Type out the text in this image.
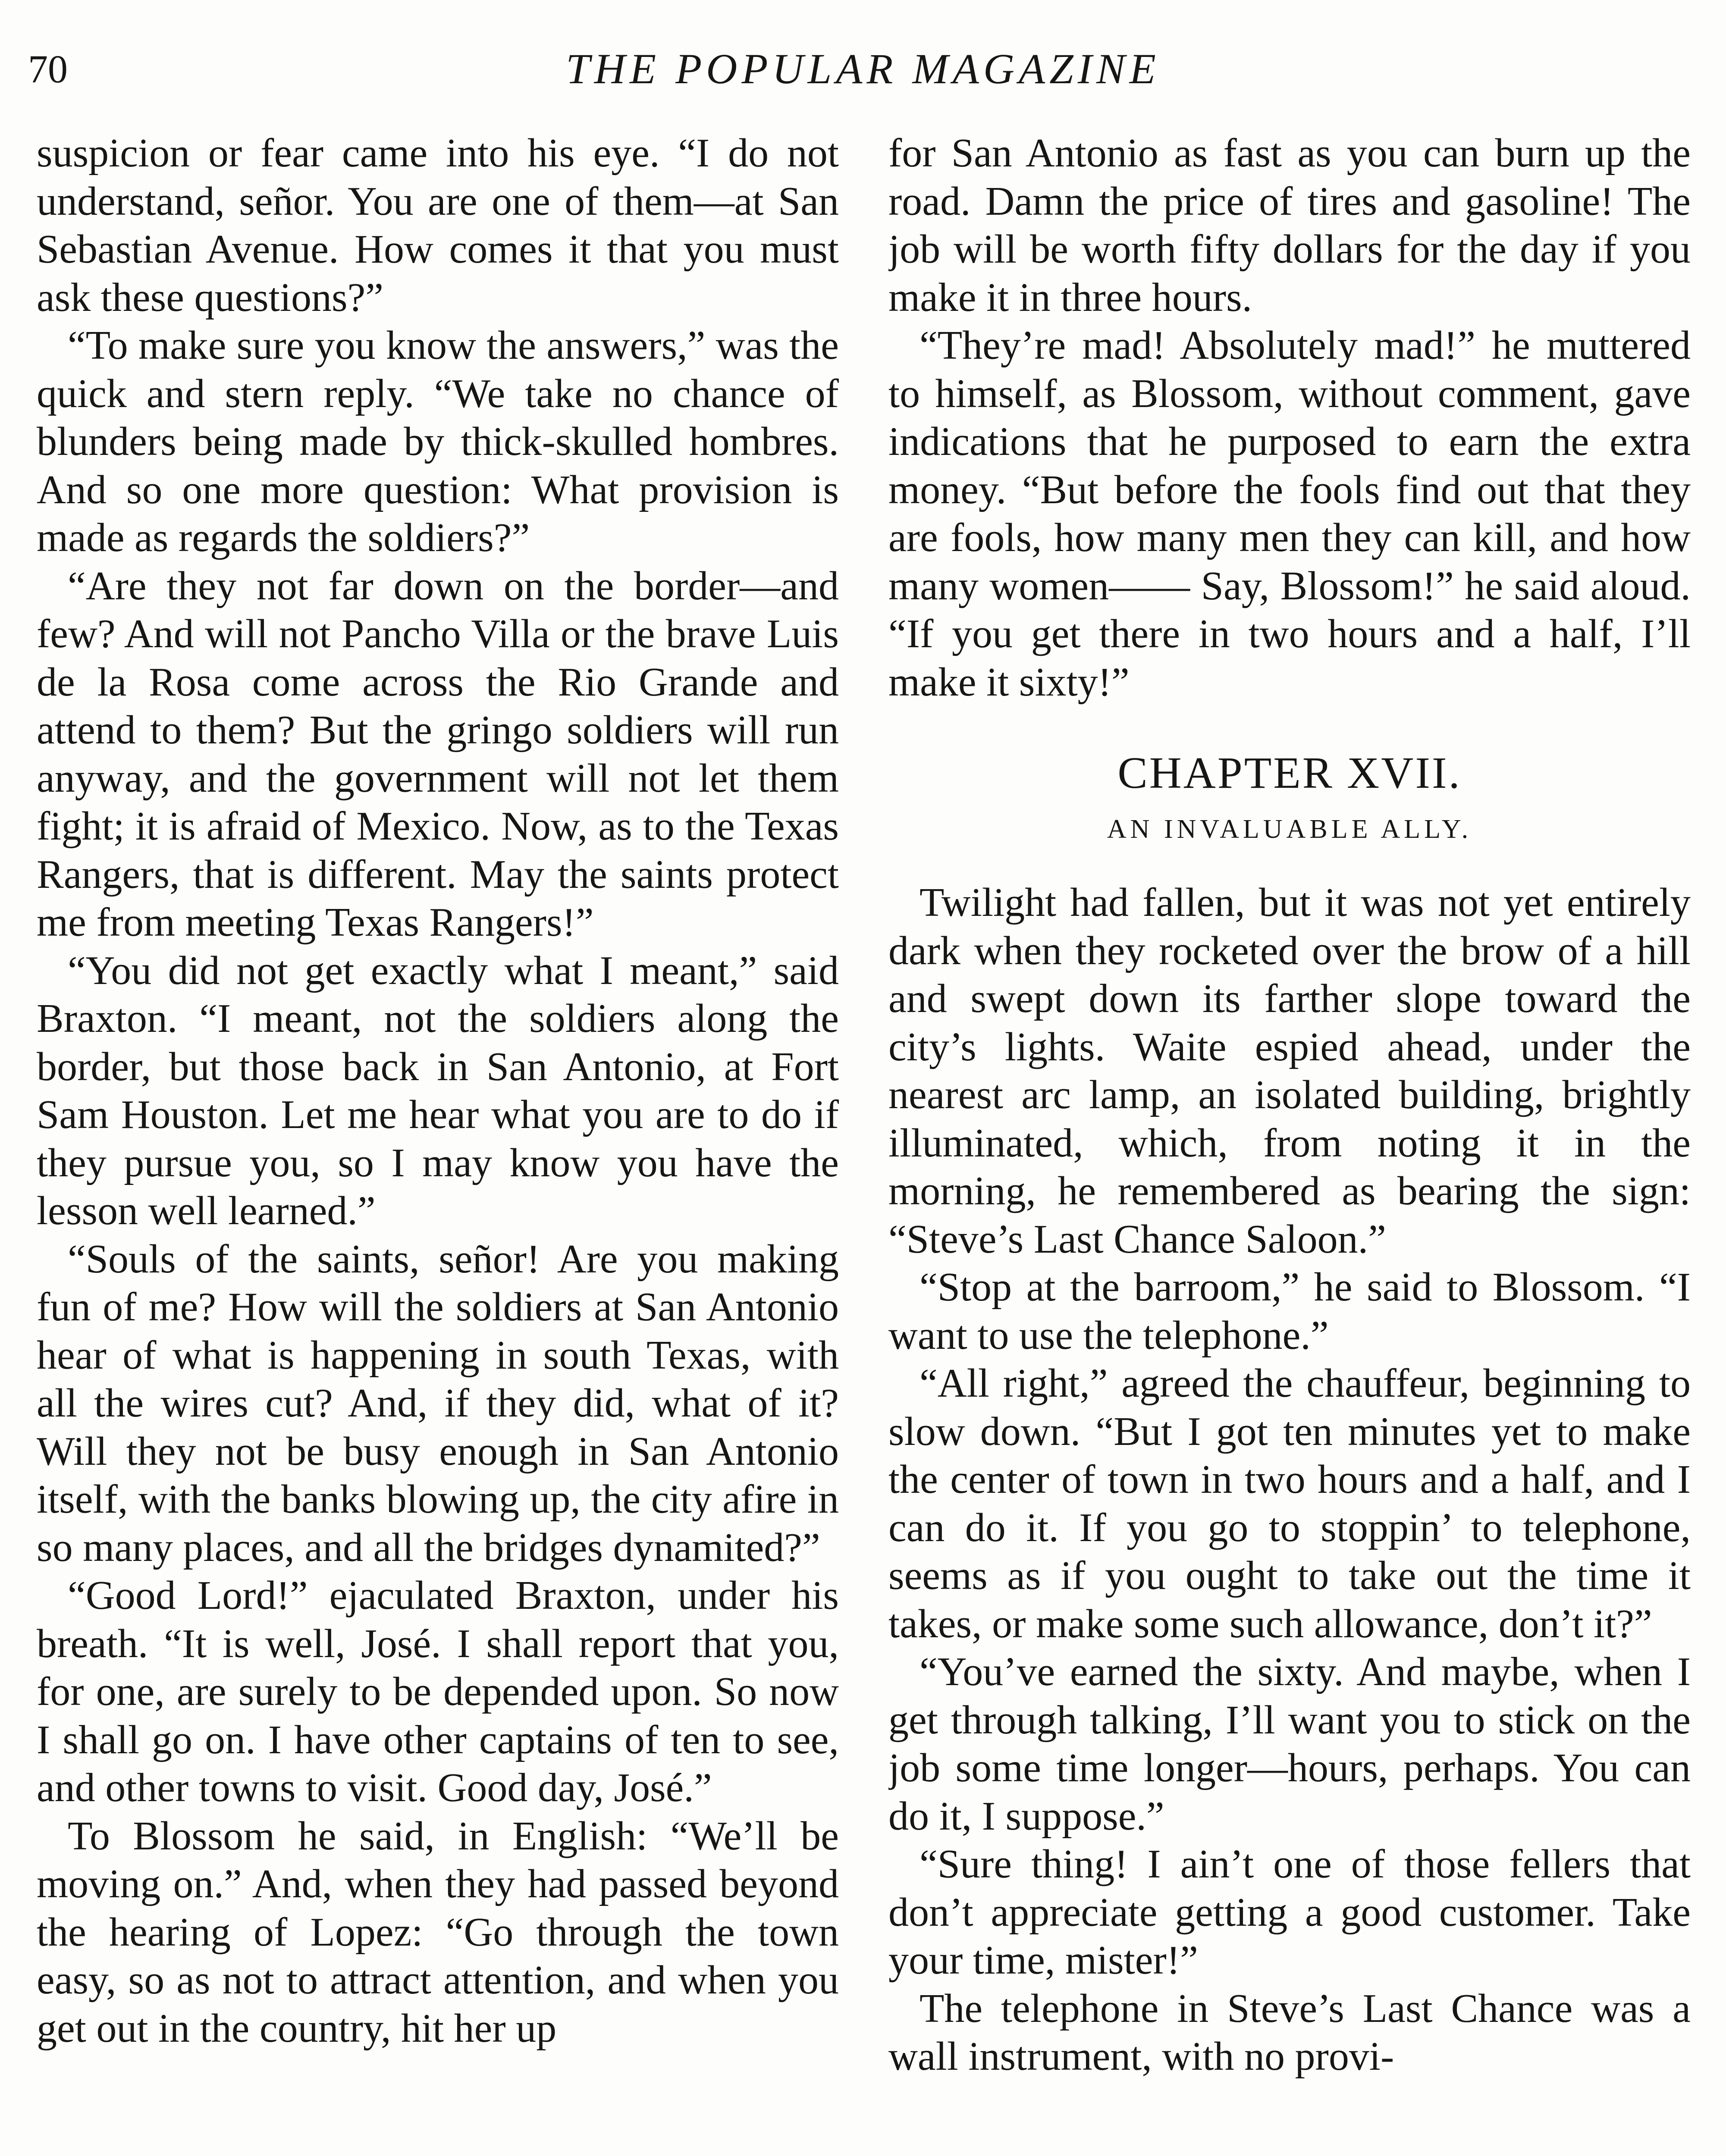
70	THE POPULAR MAGAZINE

suspicion or fear came into his eye. “I do not understand, señor. You are one of them—at San Sebastian Avenue. How comes it that you must ask these questions?”

“To make sure you know the answers,” was the quick and stern reply. “We take no chance of blunders being made by thick-skulled hombres. And so one more question: What provision is made as regards the soldiers?”

“Are they not far down on the border—and few? And will not Pancho Villa or the brave Luis de la Rosa come across the Rio Grande and attend to them? But the gringo soldiers will run anyway, and the government will not let them fight; it is afraid of Mexico. Now, as to the Texas Rangers, that is different. May the saints protect me from meeting Texas Rangers!”

“You did not get exactly what I meant,” said Braxton. “I meant, not the soldiers along the border, but those back in San Antonio, at Fort Sam Houston. Let me hear what you are to do if they pursue you, so I may know you have the lesson well learned.”

“Souls of the saints, señor! Are you making fun of me? How will the soldiers at San Antonio hear of what is happening in south Texas, with all the wires cut? And, if they did, what of it? Will they not be busy enough in San Antonio itself, with the banks blowing up, the city afire in so many places, and all the bridges dynamited?”

“Good Lord!” ejaculated Braxton, under his breath. “It is well, José. I shall report that you, for one, are surely to be depended upon. So now I shall go on. I have other captains of ten to see, and other towns to visit. Good day, José.”

To Blossom he said, in English: “We’ll be moving on.” And, when they had passed beyond the hearing of Lopez: “Go through the town easy, so as not to attract attention, and when you get out in the country, hit her up

for San Antonio as fast as you can burn up the road. Damn the price of tires and gasoline! The job will be worth fifty dollars for the day if you make it in three hours.

“They’re mad! Absolutely mad!” he muttered to himself, as Blossom, without comment, gave indications that he purposed to earn the extra money. “But before the fools find out that they are fools, how many men they can kill, and how many women—— Say, Blossom!” he said aloud. “If you get there in two hours and a half, I’ll make it sixty!”

CHAPTER XVII.
AN INVALUABLE ALLY.

Twilight had fallen, but it was not yet entirely dark when they rocketed over the brow of a hill and swept down its farther slope toward the city’s lights. Waite espied ahead, under the nearest arc lamp, an isolated building, brightly illuminated, which, from noting it in the morning, he remembered as bearing the sign: “Steve’s Last Chance Saloon.”

“Stop at the barroom,” he said to Blossom. “I want to use the telephone.”

“All right,” agreed the chauffeur, beginning to slow down. “But I got ten minutes yet to make the center of town in two hours and a half, and I can do it. If you go to stoppin’ to telephone, seems as if you ought to take out the time it takes, or make some such allowance, don’t it?”

“You’ve earned the sixty. And maybe, when I get through talking, I’ll want you to stick on the job some time longer—hours, perhaps. You can do it, I suppose.”

“Sure thing! I ain’t one of those fellers that don’t appreciate getting a good customer. Take your time, mister!”

The telephone in Steve’s Last Chance was a wall instrument, with no provi-
